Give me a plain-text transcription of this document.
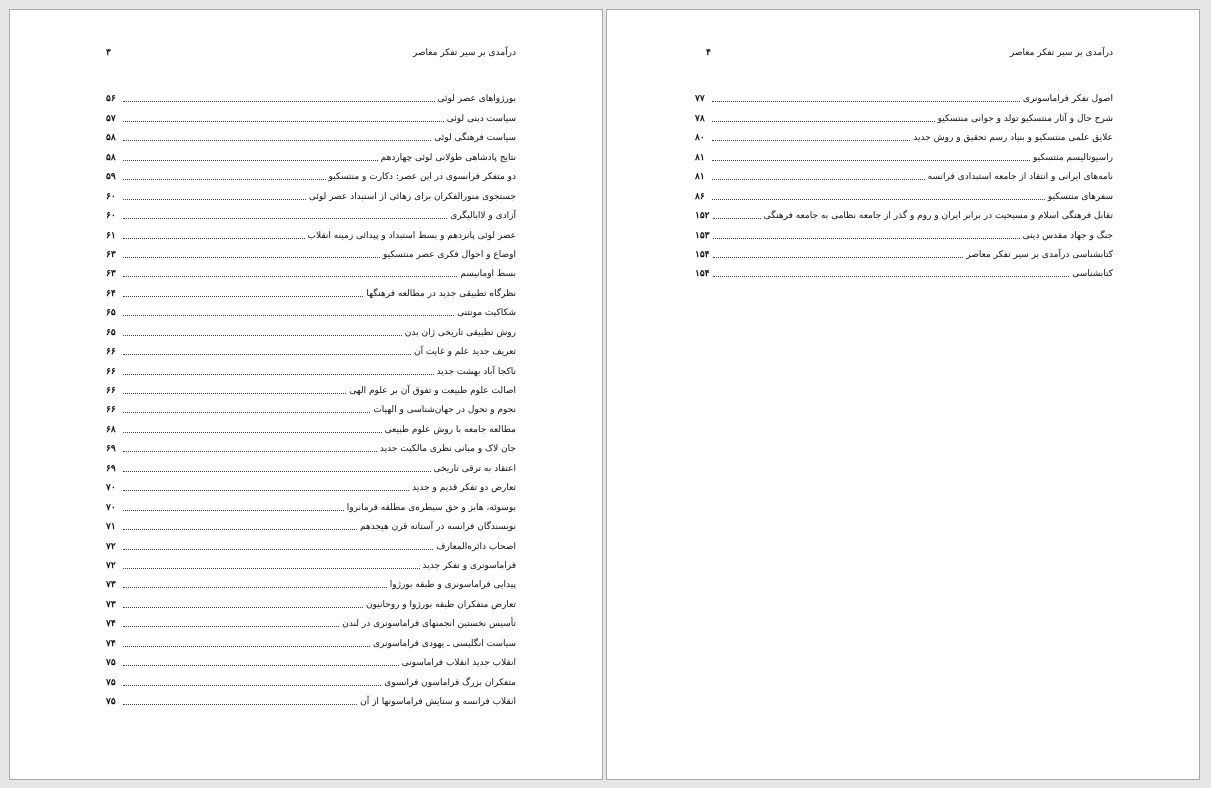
درآمدی بر سیر تفکر معاصر
۳
بورژواهای عصر لوئی
۵۶
سیاست دینی لوئی
۵۷
سیاست فرهنگی لوئی
۵۸
نتایج پادشاهی طولانی لوئی چهاردهم
۵۸
دو متفکر فرانسوی در این عصر: دکارت و منتسکیو
۵۹
جستجوی منورالفکران برای رهائی از استبداد عصر لوئی
۶۰
آزادی و لاابالیگری
۶۰
عصر لوئی پانزدهم و بسط استبداد و پیدائی زمینه انقلاب
۶۱
اوضاع و احوال فکری عصر منتسکیو
۶۳
بسط اومانیسم
۶۳
نظرگاه تطبیقی جدید در مطالعه فرهنگها
۶۴
شکاکیت مونتنی
۶۵
روش تطبیقی تاریخی ژان بدن
۶۵
تعریف جدید علم و غایت آن
۶۶
ناکجا آباد بهشت جدید
۶۶
اصالت علوم طبیعت و تفوق آن بر علوم الهی
۶۶
نجوم و تحول در جهان‌شناسی و الهیات
۶۶
مطالعه جامعه با روش علوم طبیعی
۶۸
جان لاک و مبانی نظری مالکیت جدید
۶۹
اعتقاد به ترقی تاریخی
۶۹
تعارض دو تفکر قدیم و جدید
۷۰
بوسوئه، هابز و حق سیطره‌ی مطلقه فرمانروا
۷۰
نویسندگان فرانسه در آستانه قرن هیجدهم
۷۱
اصحاب دائره‌المعارف
۷۲
فراماسونری و تفکر جدید
۷۲
پیدایی فراماسونری و طبقه بورژوا
۷۳
تعارض متفکران طبقه بورژوا و روحانیون
۷۳
تأسیس نخستین انجمنهای فراماسونری در لندن
۷۴
سیاست انگلیسی ـ یهودی فراماسونری
۷۴
انقلاب جدید انقلاب فراماسونی
۷۵
متفکران بزرگ فراماسون فرانسوی
۷۵
انقلاب فرانسه و ستایش فراماسونها از آن
۷۵
درآمدی بر سیر تفکر معاصر
۴
اصول تفکر فراماسونری
۷۷
شرح حال و آثار منتسکیو تولد و جوانی منتسکیو
۷۸
علایق علمی منتسکیو و بنیاد رسم تحقیق و روش جدید
۸۰
راسیونالیسم منتسکیو
۸۱
نامه‌های ایرانی و انتقاد از جامعه استبدادی فرانسه
۸۱
سفرهای منتسکیو
۸۶
تقابل فرهنگی اسلام و مسیحیت در برابر ایران و روم و گذر از جامعه نظامی به جامعه فرهنگی
۱۵۲
جنگ و جهاد مقدس دینی
۱۵۳
کتابشناسی درآمدی بر سیر تفکر معاصر
۱۵۴
کتابشناسی
۱۵۴
